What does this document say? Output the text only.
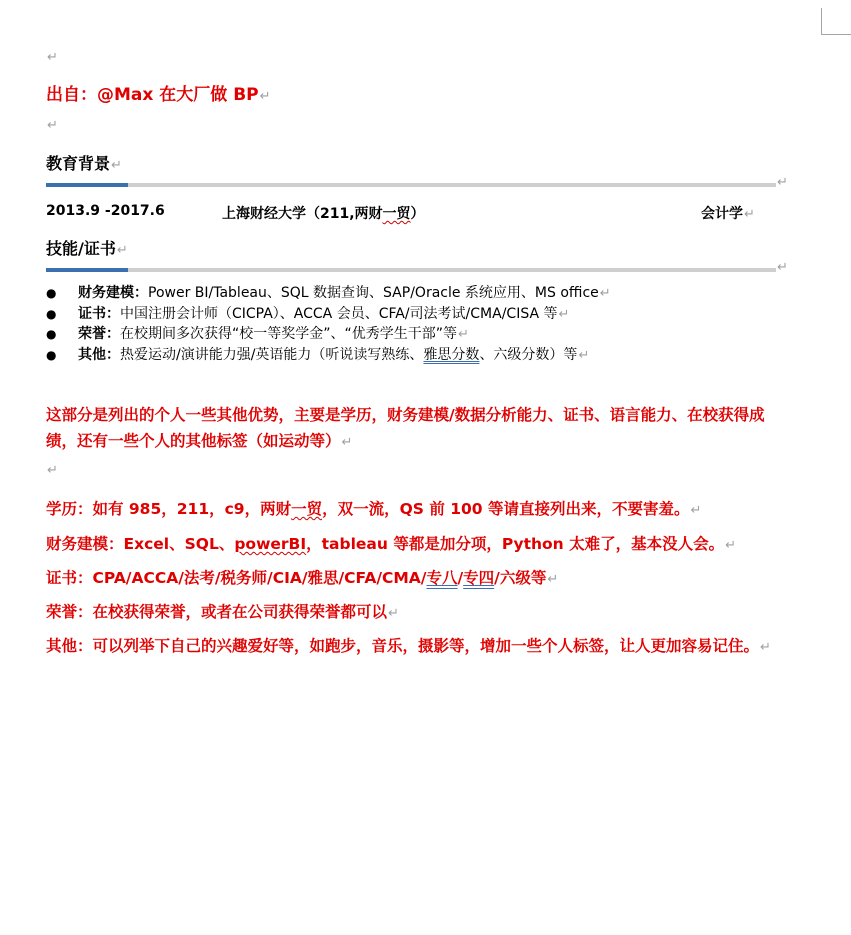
↵
出自：@Max 在大厂做 BP↵
↵
教育背景↵
↵
2013.9 -2017.6	上海财经大学（211,两财一贸）	会计学↵
技能/证书↵
↵
● 财务建模：Power BI/Tableau、SQL 数据查询、SAP/Oracle 系统应用、MS office↵
● 证书：中国注册会计师（CICPA）、ACCA 会员、CFA/司法考试/CMA/CISA 等↵
● 荣誉：在校期间多次获得“校一等奖学金”、“优秀学生干部”等↵
● 其他：热爱运动/演讲能力强/英语能力（听说读写熟练、雅思分数、六级分数）等↵
这部分是列出的个人一些其他优势，主要是学历，财务建模/数据分析能力、证书、语言能力、在校获得成绩，还有一些个人的其他标签（如运动等）↵
↵
学历：如有 985，211，c9，两财一贸，双一流，QS 前 100 等请直接列出来，不要害羞。↵
财务建模：Excel、SQL、powerBI，tableau 等都是加分项，Python 太难了，基本没人会。↵
证书：CPA/ACCA/法考/税务师/CIA/雅思/CFA/CMA/专八/专四/六级等↵
荣誉：在校获得荣誉，或者在公司获得荣誉都可以↵
其他：可以列举下自己的兴趣爱好等，如跑步，音乐，摄影等，增加一些个人标签，让人更加容易记住。↵
